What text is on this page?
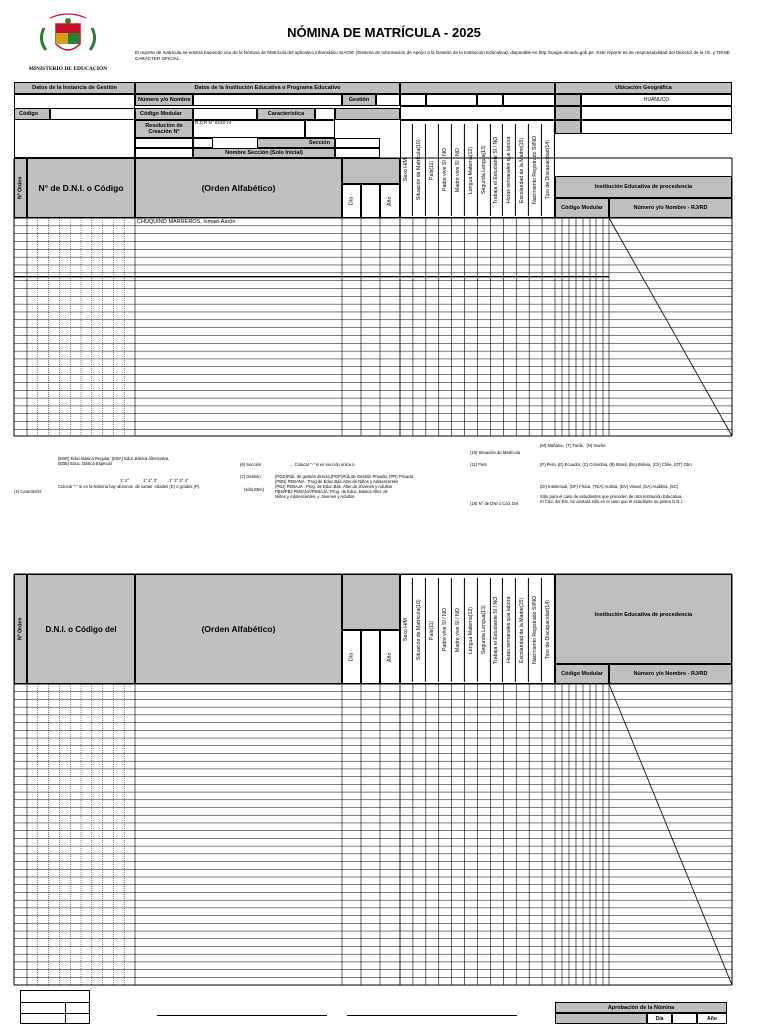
MINISTERIO DE EDUCACIÓN
NÓMINA DE MATRÍCULA - 2025
El reporte de matrícula se emitirá haciendo uso de la Nómina de Matrícula del aplicativo informático SIAGIE (Sistema de Información de Apoyo a la Gestión de la Institución Educativa), disponible en http://siagie.minedu.gob.pe. Este reporte es de responsabilidad del Director de la I.E. y TIENE CARÁCTER OFICIAL.
Datos de la Instancia de Gestión	Datos de la Institución Educativa o Programa Educativo	Ubicación Geográfica
Código
Número y/o Nombre	Gestión
Código Modular	Característica
Resolución de Creación N°
R.D.R N° 0443-74
Sección
Nombre Sección (Solo Inicial)
HUÁNUCO
Nº Orden	N° de D.N.I. o Código	(Orden Alfabético)
Día	Año
Sexo H/M	Situación de Matrícula(10)	País(11)	Padre vive SI / NO	Madre vive SI / NO	Lengua Materna(12)	Segunda Lengua(13)	Trabaja el Estudiante SI / NO	Horas semanales que labora	Escolaridad de la Madre(15)	Nacimiento Registrado SI/NO	Tipo de Discapacidad(14)	Institución Educativa de procedencia
Código Modular	Número y/o Nombre - RJ/RD
CHUQUINO MARREROS, Ismael Aarón
Nº Orden	D.N.I. o Código del	(Orden Alfabético)
Día	Año
Sexo H/M	Situación de Matrícula(10)	País(11)	Padre vive SI / NO	Madre vive SI / NO	Lengua Materna(12)	Segunda Lengua(13)	Trabaja el Estudiante SI / NO	Horas semanales que labora	Escolaridad de la Madre(15)	Nacimiento Registrado SI/NO	Tipo de Discapacidad(14)	Institución Educativa de procedencia
Código Modular	Número y/o Nombre - RJ/RD
(EBR) Educ.Básica Regular, (EBA) Educ.Básica Alternativa,
(EBE) Educ. Básica Especial
(4) Característ.
1° 2°            1° 2° 3°          1° 2° 3° 4°
Colocar "-" si en la Nómina hay alumnos  de varias  edades (E) o grados (P).
(6) Sección	... Colocar "-" si es sección única o
(7) Gestión
(sólo EBA)
(PGD)Púb. de gestión directa,(PGP)Púb.de Gestión Privada, (PR) Privada
(PBN) PEBANA : Prog.de Educ.Bás.Alter.de Niños y Adolescentes
(PBJ) PEBAJA : Prog. de Educ.Bás. Alter.de Jóvenes y Adultos
PBN/PBJ PEBANA/PEBAJA: Prog. de Educ. Básica Alter. de
Niños y Adolescentes, y Jóvenes y Adultos.
(10) Situación de Matrícula
(11) País
(16) N° de DNI o Cód. Del
(M) Mañana,  (T) Tarde,  (N) Noche
(P) Perú, (E) Ecuador, (C) Colombia, (B) Brasil, (Bo) Bolivia, (Ch) Chile, (OT) Otro
(DI) Intelectual, (DF) Física, (TEA) Autista, (DV) Visual, (DA) Auditiva, (SC)
Sólo para el caso de estudiantes que proceden de otra Institución Educativa.
El Cód. del Est. Se anotará sólo en el caso que el estudiante no posea D.N.I.
Aprobación de la Nómina
Día	Año
